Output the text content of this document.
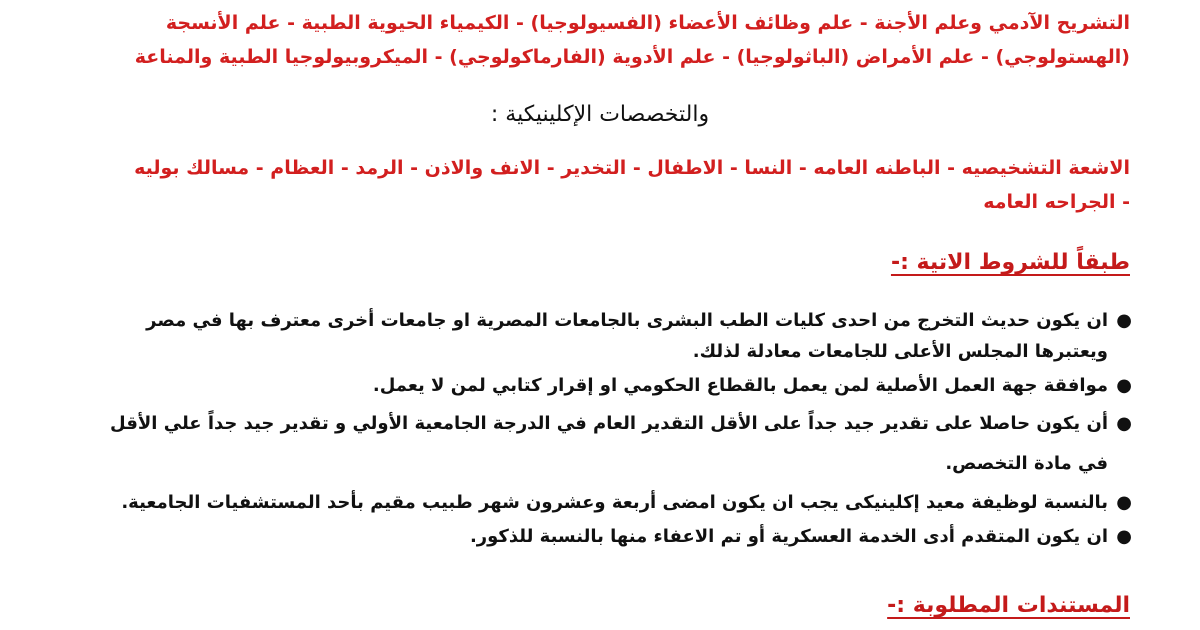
التشريح الآدمي وعلم الأجنة - علم وظائف الأعضاء (الفسيولوجيا) - الكيمياء الحيوية الطبية - علم الأنسجة (الهستولوجي) - علم الأمراض (الباثولوجيا) - علم الأدوية (الفارماكولوجي) - الميكروبيولوجيا الطبية والمناعة

والتخصصات الإكلينيكية :

الاشعة التشخيصيه - الباطنه العامه - النسا - الاطفال - التخدير - الانف والاذن - الرمد - العظام - مسالك بوليه - الجراحه العامه

طبقاً للشروط الاتية :-
●
ان يكون حديث التخرج من احدى كليات الطب البشرى بالجامعات المصرية او جامعات أخرى معترف بها في مصر ويعتبرها المجلس الأعلى للجامعات معادلة لذلك.
●
موافقة جهة العمل الأصلية لمن يعمل بالقطاع الحكومي او إقرار كتابي لمن لا يعمل.
●
أن يكون حاصلا على تقدير جيد جداً على الأقل التقدير العام في الدرجة الجامعية الأولي و تقدير جيد جداً علي الأقل في مادة التخصص.
●
بالنسبة لوظيفة معيد إكلينيكى يجب ان يكون امضى أربعة وعشرون شهر طبيب مقيم بأحد المستشفيات الجامعية.
●
ان يكون المتقدم أدى الخدمة العسكرية أو تم الاعفاء منها بالنسبة للذكور.
المستندات المطلوبة :-
